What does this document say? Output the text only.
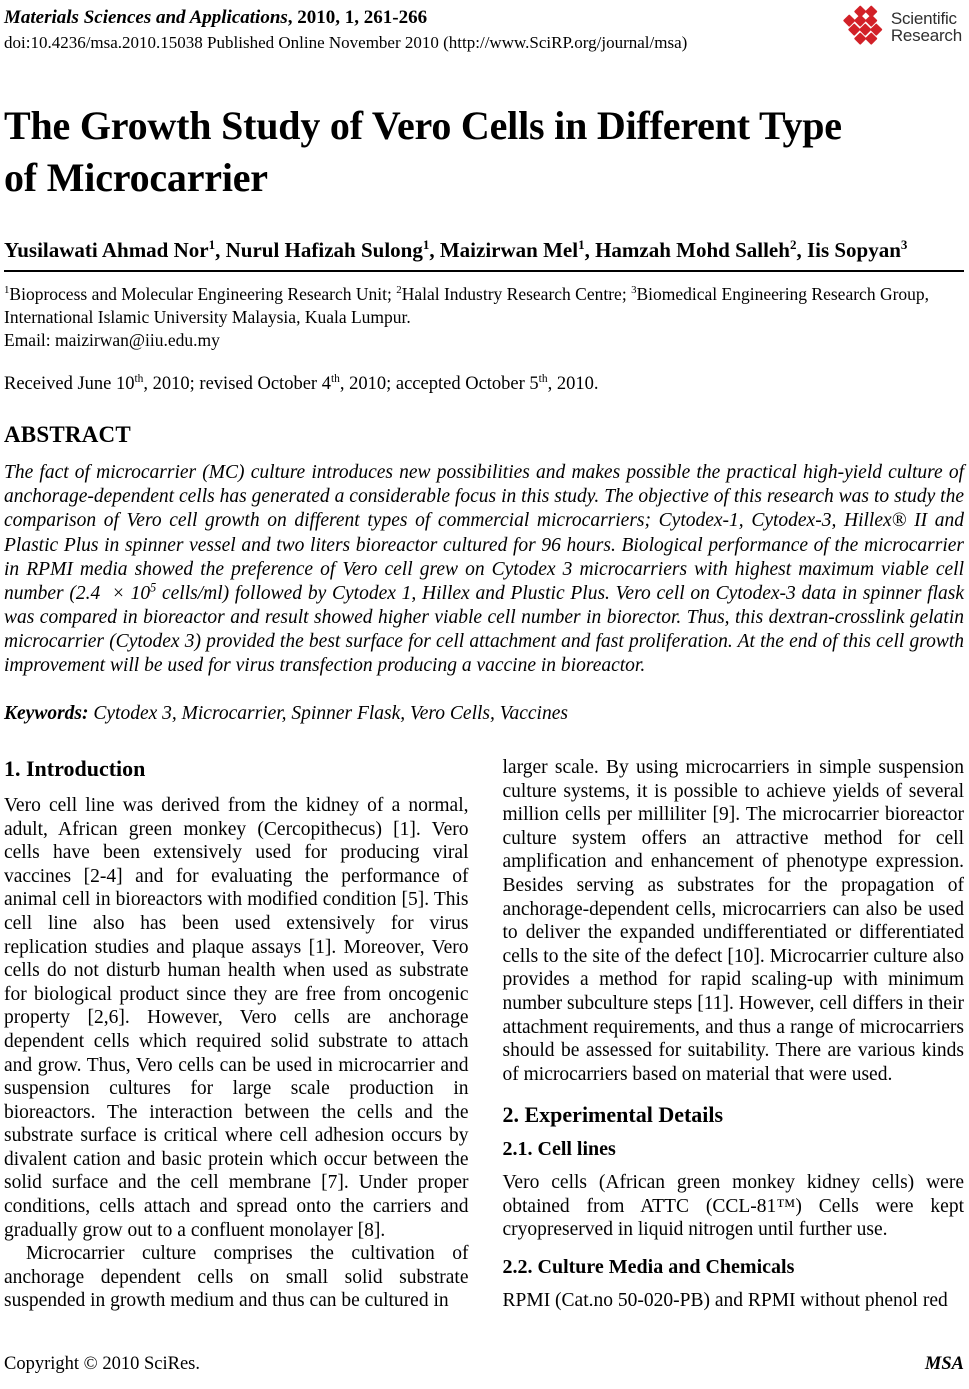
Materials Sciences and Applications, 2010, 1, 261-266
doi:10.4236/msa.2010.15038 Published Online November 2010 (http://www.SciRP.org/journal/msa)
Scientific
Research
The Growth Study of Vero Cells in Different Type
of Microcarrier
Yusilawati Ahmad Nor$^1$, Nurul Hafizah Sulong$^1$, Maizirwan Mel$^1$, Hamzah Mohd Salleh$^2$, Iis Sopyan$^3$
$^1$Bioprocess and Molecular Engineering Research Unit; $^2$Halal Industry Research Centre; $^3$Biomedical Engineering Research Group, International Islamic University Malaysia, Kuala Lumpur.
Email: maizirwan@iiu.edu.my
Received June 10th, 2010; revised October 4th, 2010; accepted October 5th, 2010.
ABSTRACT
The fact of microcarrier (MC) culture introduces new possibilities and makes possible the practical high-yield culture of anchorage-dependent cells has generated a considerable focus in this study. The objective of this research was to study the comparison of Vero cell growth on different types of commercial microcarriers; Cytodex-1, Cytodex-3, Hillex® II and Plastic Plus in spinner vessel and two liters bioreactor cultured for 96 hours. Biological performance of the microcarrier in RPMI media showed the preference of Vero cell grew on Cytodex 3 microcarriers with highest maximum viable cell number ($2.4 \times 10^5$ cells/ml) followed by Cytodex 1, Hillex and Plustic Plus. Vero cell on Cytodex-3 data in spinner flask was compared in bioreactor and result showed higher viable cell number in biorector. Thus, this dextran-crosslink gelatin microcarrier (Cytodex 3) provided the best surface for cell attachment and fast proliferation. At the end of this cell growth improvement will be used for virus transfection producing a vaccine in bioreactor.
Keywords: Cytodex 3, Microcarrier, Spinner Flask, Vero Cells, Vaccines
1. Introduction

Vero cell line was derived from the kidney of a normal, adult, African green monkey (Cercopithecus) [1]. Vero cells have been extensively used for producing viral vaccines [2-4] and for evaluating the performance of animal cell in bioreactors with modified condition [5]. This cell line also has been used extensively for virus replication studies and plaque assays [1]. Moreover, Vero cells do not disturb human health when used as substrate for biological product since they are free from oncogenic property [2,6]. However, Vero cells are anchorage dependent cells which required solid substrate to attach and grow. Thus, Vero cells can be used in microcarrier and suspension cultures for large scale production in bioreactors. The interaction between the cells and the substrate surface is critical where cell adhesion occurs by divalent cation and basic protein which occur between the solid surface and the cell membrane [7]. Under proper conditions, cells attach and spread onto the carriers and gradually grow out to a confluent monolayer [8].

Microcarrier culture comprises the cultivation of anchorage dependent cells on small solid substrate suspended in growth medium and thus can be cultured in

larger scale. By using microcarriers in simple suspension culture systems, it is possible to achieve yields of several million cells per milliliter [9]. The microcarrier bioreactor culture system offers an attractive method for cell amplification and enhancement of phenotype expression. Besides serving as substrates for the propagation of anchorage-dependent cells, microcarriers can also be used to deliver the expanded undifferentiated or differentiated cells to the site of the defect [10]. Microcarrier culture also provides a method for rapid scaling-up with minimum number subculture steps [11]. However, cell differs in their attachment requirements, and thus a range of microcarriers should be assessed for suitability. There are various kinds of microcarriers based on material that were used.

2. Experimental Details
2.1. Cell lines

Vero cells (African green monkey kidney cells) were obtained from ATTC (CCL-81™) Cells were kept cryopreserved in liquid nitrogen until further use.

2.2. Culture Media and Chemicals

RPMI (Cat.no 50-020-PB) and RPMI without phenol red

Copyright © 2010 SciRes.	MSA
